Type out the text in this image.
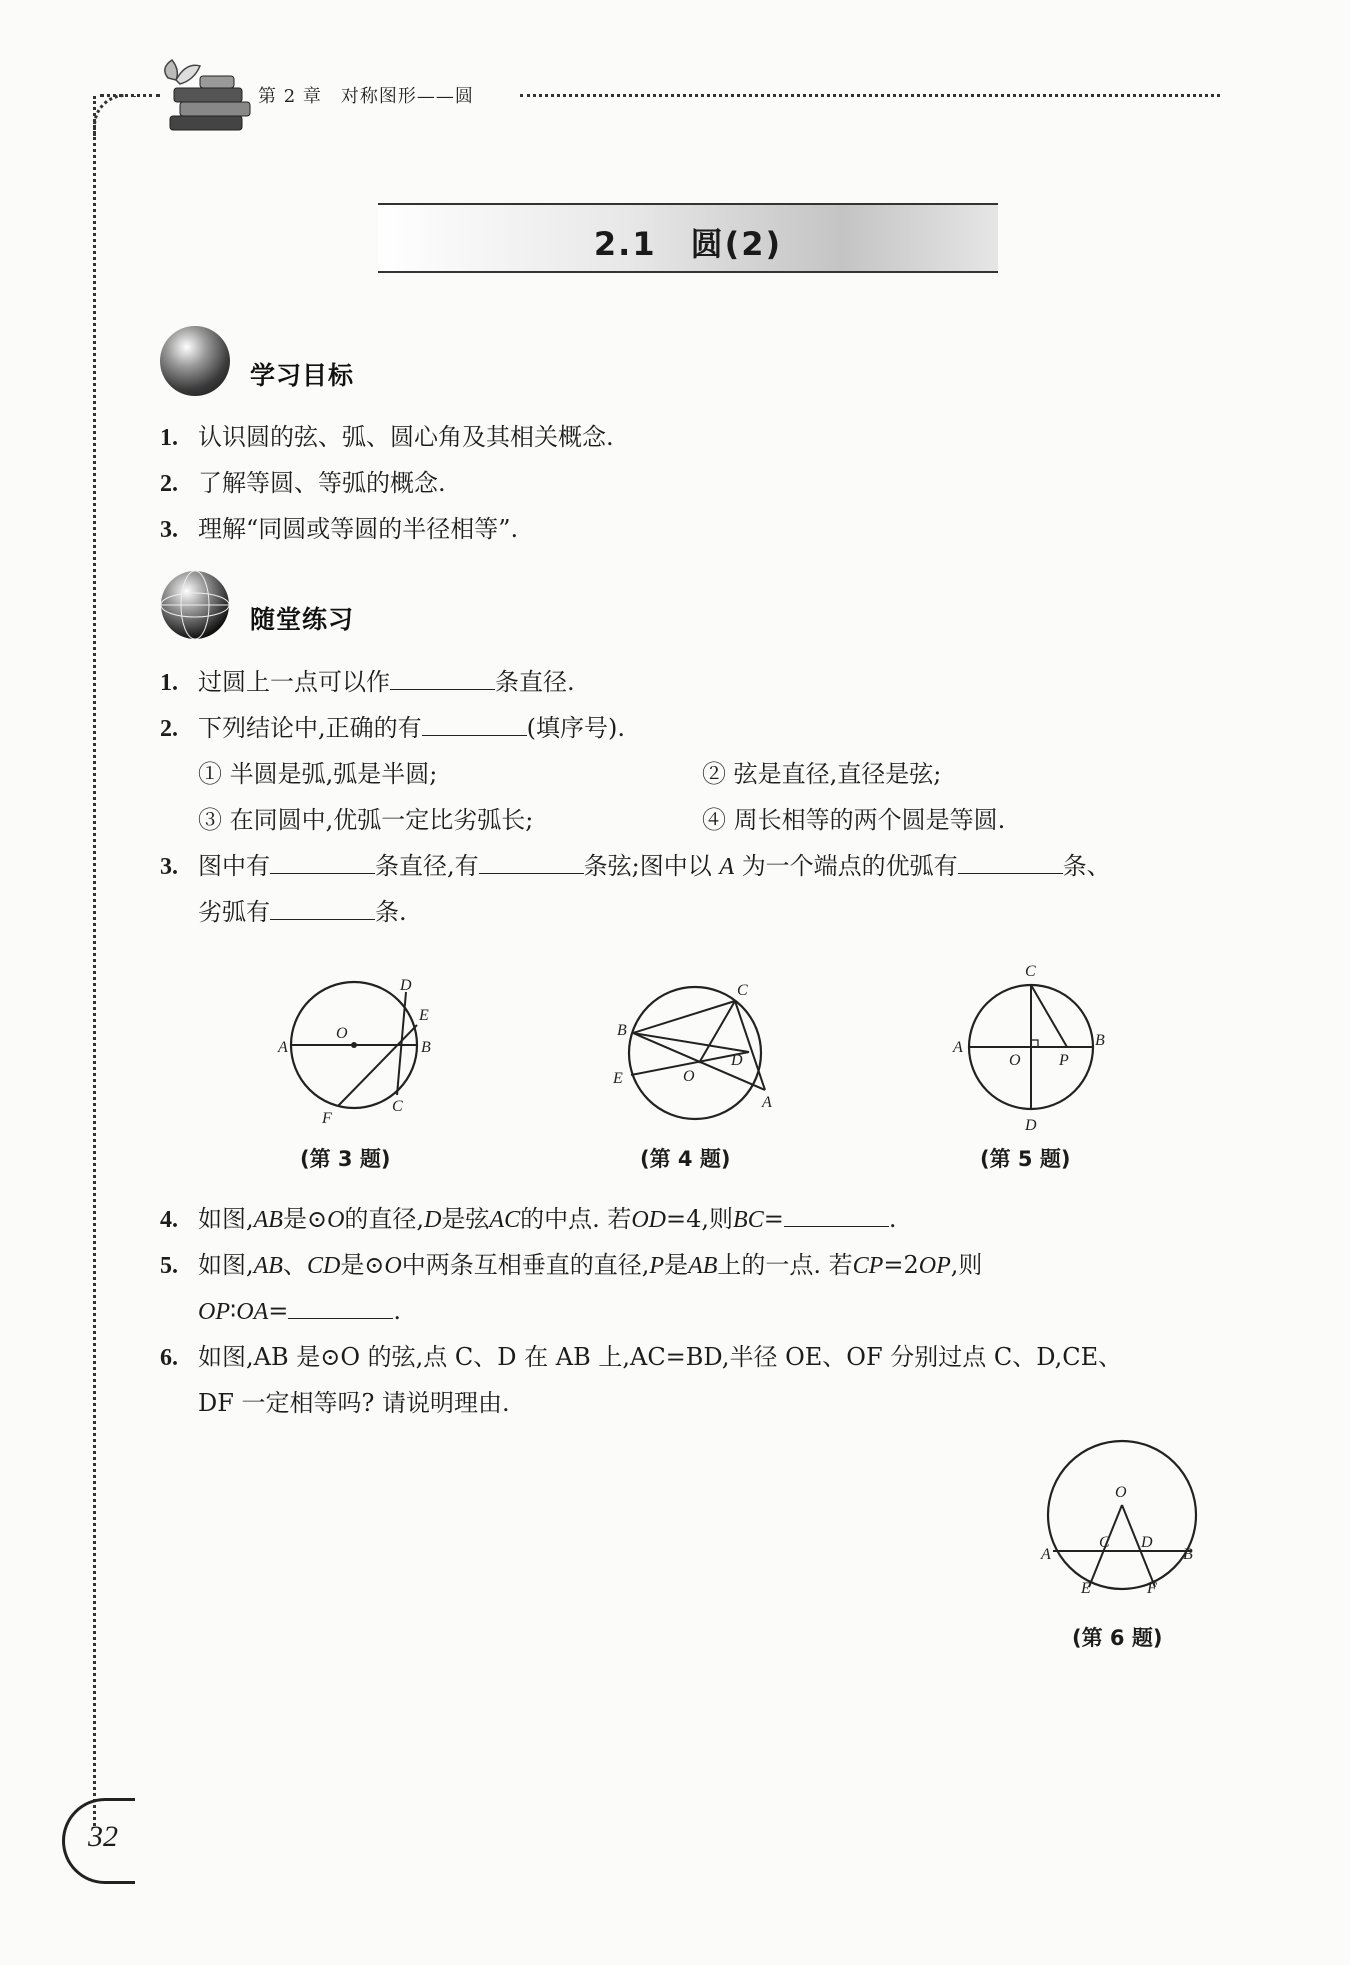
第 2 章　对称图形——圆
2.1　圆(2)
学习目标
1. 认识圆的弦、弧、圆心角及其相关概念.
2. 了解等圆、等弧的概念.
3. 理解“同圆或等圆的半径相等”.
随堂练习
1. 过圆上一点可以作	条直径.
2. 下列结论中,正确的有	(填序号).
① 半圆是弧,弧是半圆;	② 弦是直径,直径是弦;
③ 在同圆中,优弧一定比劣弧长;	④ 周长相等的两个圆是等圆.
3. 图中有	条直径,有	条弦;图中以 A 为一个端点的优弧有	条、
劣弧有	条.
A
O
D
E
B
C
F
(第 3 题)
B
C
D
E	O
A
(第 4 题)
C
A	B
O P
D
(第 5 题)
4. 如图,AB是⊙O的直径,D是弦AC的中点. 若OD=4,则BC=	.
5. 如图,AB、CD是⊙O中两条互相垂直的直径,P是AB上的一点. 若CP=2OP,则
OP∶OA=	.
6. 如图,AB 是⊙O 的弦,点 C、D 在 AB 上,AC=BD,半径 OE、OF 分别过点 C、D,CE、
DF 一定相等吗? 请说明理由.
O
C D
A	B
E	F
(第 6 题)
32
